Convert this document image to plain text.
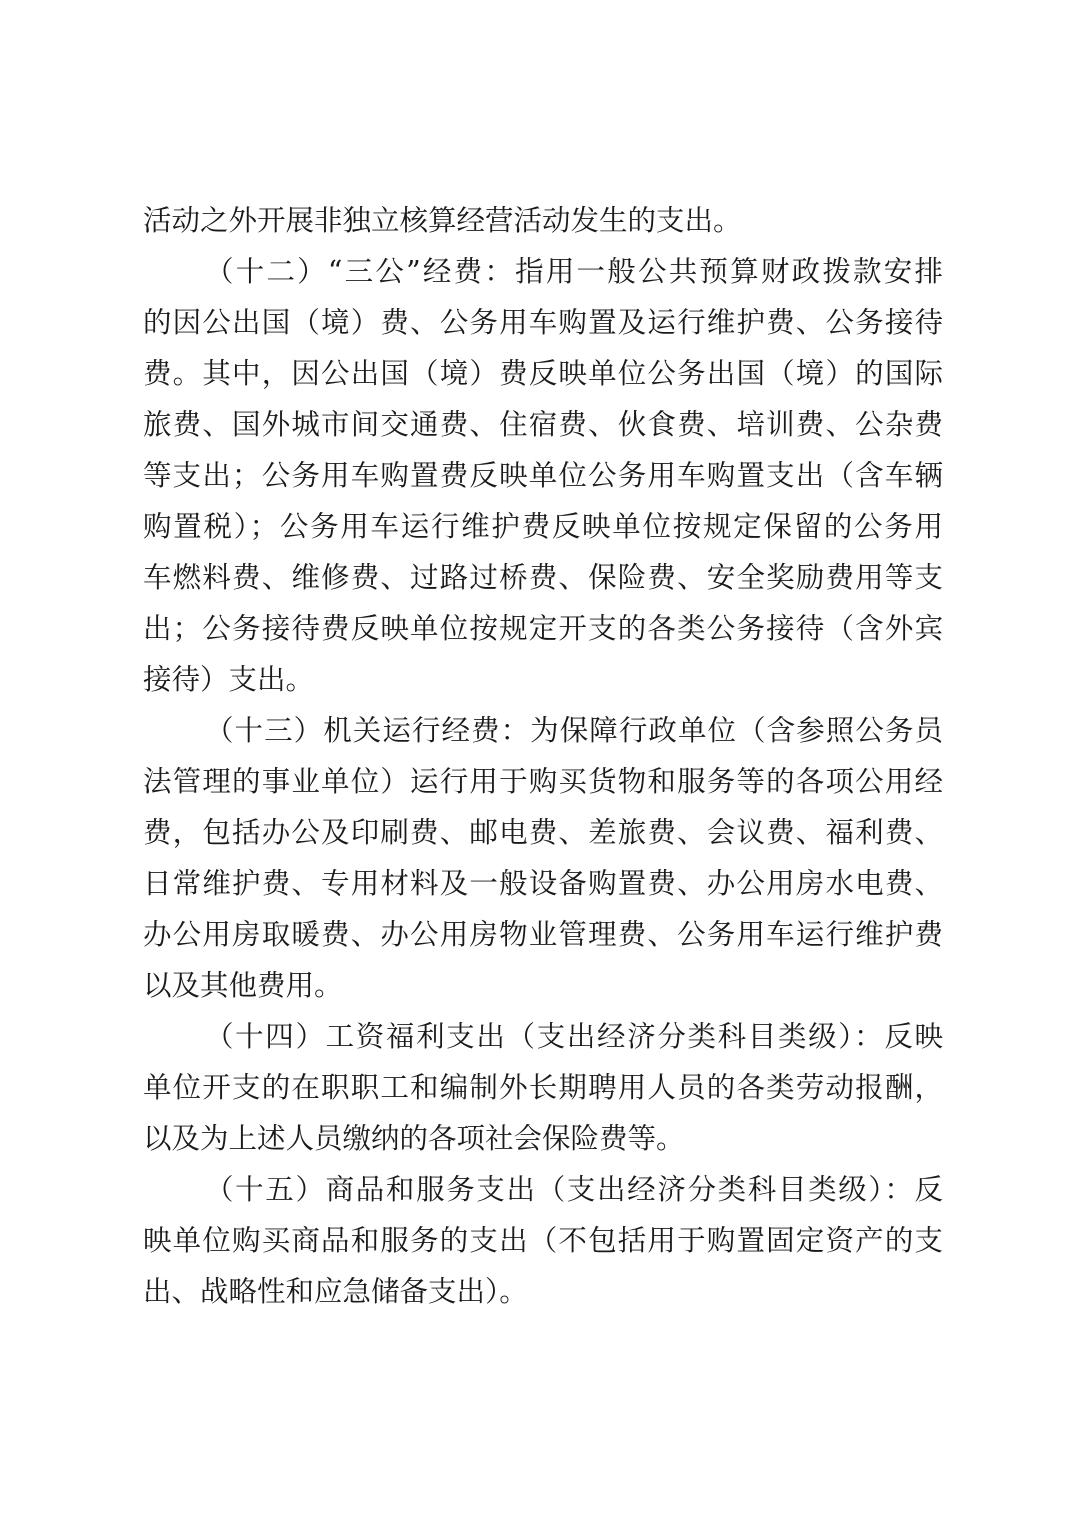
活动之外开展非独立核算经营活动发生的支出。
（十二）“三公”经费：指用一般公共预算财政拨款安排
的因公出国（境）费、公务用车购置及运行维护费、公务接待
费。其中，因公出国（境）费反映单位公务出国（境）的国际
旅费、国外城市间交通费、住宿费、伙食费、培训费、公杂费
等支出；公务用车购置费反映单位公务用车购置支出（含车辆
购置税）；公务用车运行维护费反映单位按规定保留的公务用
车燃料费、维修费、过路过桥费、保险费、安全奖励费用等支
出；公务接待费反映单位按规定开支的各类公务接待（含外宾
接待）支出。
（十三）机关运行经费：为保障行政单位（含参照公务员
法管理的事业单位）运行用于购买货物和服务等的各项公用经
费，包括办公及印刷费、邮电费、差旅费、会议费、福利费、
日常维护费、专用材料及一般设备购置费、办公用房水电费、
办公用房取暖费、办公用房物业管理费、公务用车运行维护费
以及其他费用。
（十四）工资福利支出（支出经济分类科目类级）：反映
单位开支的在职职工和编制外长期聘用人员的各类劳动报酬，
以及为上述人员缴纳的各项社会保险费等。
（十五）商品和服务支出（支出经济分类科目类级）：反
映单位购买商品和服务的支出（不包括用于购置固定资产的支
出、战略性和应急储备支出）。
